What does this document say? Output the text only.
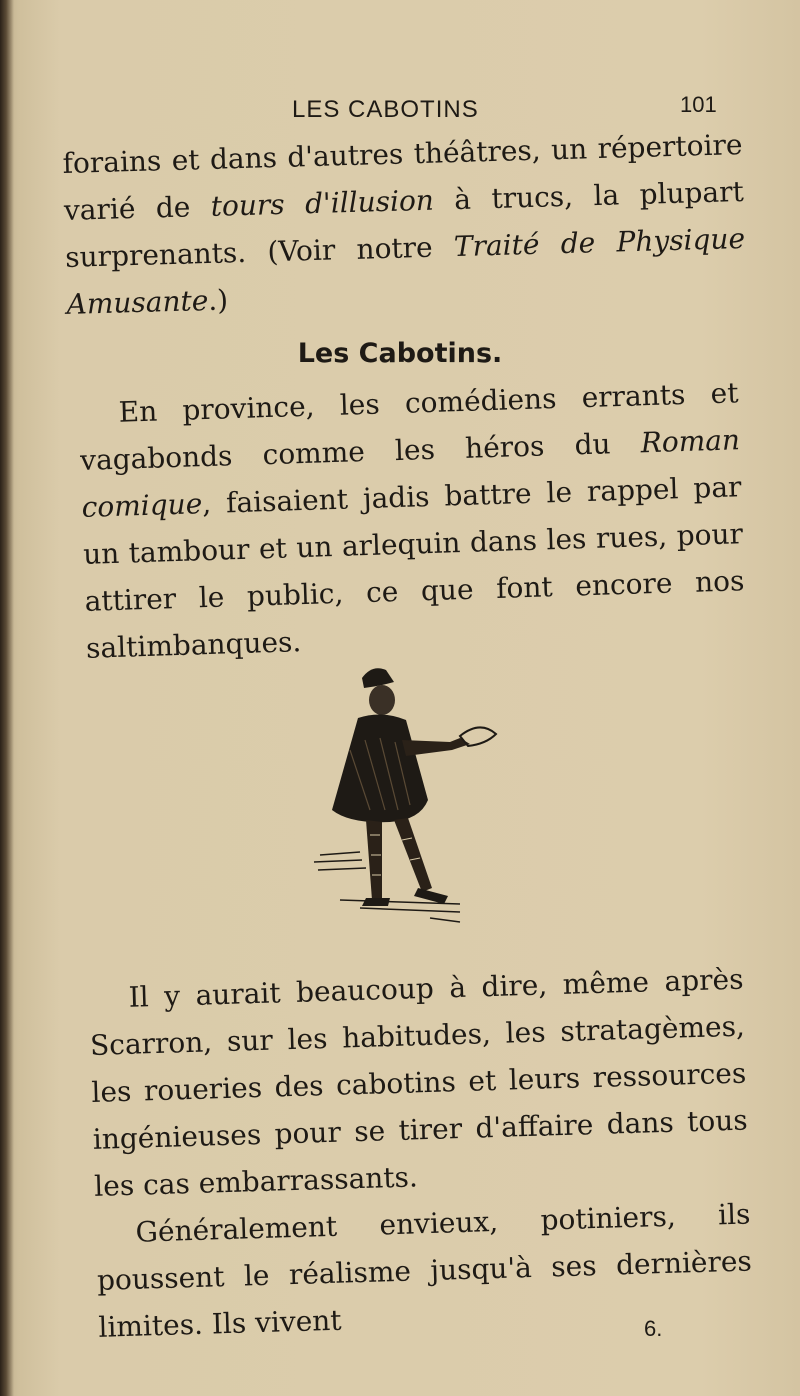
LES CABOTINS	101

forains et dans d'autres théâtres, un répertoire varié de tours d'illusion à trucs, la plupart surprenants. (Voir notre Traité de Physique Amusante.)

Les Cabotins.

En province, les comédiens errants et vagabonds comme les héros du Roman comique, faisaient jadis battre le rappel par un tambour et un arlequin dans les rues, pour attirer le public, ce que font encore nos saltimbanques.

Il y aurait beaucoup à dire, même après Scarron, sur les habitudes, les stratagèmes, les roueries des cabotins et leurs ressources ingénieuses pour se tirer d'affaire dans tous les cas embarrassants.

Généralement envieux, potiniers, ils poussent le réalisme jusqu'à ses dernières limites. Ils vivent	6.
